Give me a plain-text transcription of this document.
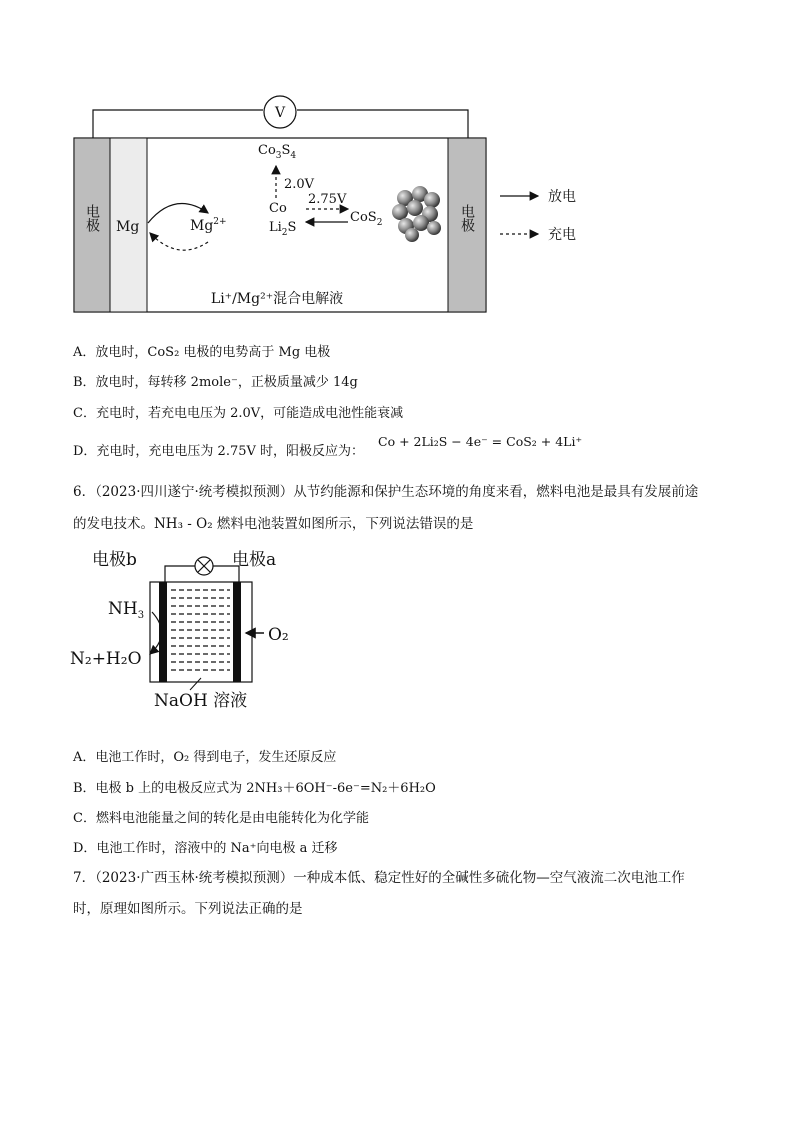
V
电极	电极
Mg	$Mg^{2+}$
$Co_3S_4$
2.0V
2.75V
Co
$Li_2S$
CoS$_2$
Li⁺/Mg²⁺混合电解液
放电
充电
A．放电时，CoS₂ 电极的电势高于 Mg 电极
B．放电时，每转移 2mole⁻，正极质量减少 14g
C．充电时，若充电电压为 2.0V，可能造成电池性能衰减
D．充电时，充电电压为 2.75V 时，阳极反应为：
Co + 2Li₂S − 4e⁻ = CoS₂ + 4Li⁺
6．（2023·四川遂宁·统考模拟预测）从节约能源和保护生态环境的角度来看，燃料电池是最具有发展前途
的发电技术。NH₃ - O₂ 燃料电池装置如图所示，下列说法错误的是
电极b	电极a
$NH_3$
N₂+H₂O
O₂
NaOH 溶液
A．电池工作时，O₂ 得到电子，发生还原反应
B．电极 b 上的电极反应式为 2NH₃＋6OH⁻-6e⁻=N₂＋6H₂O
C．燃料电池能量之间的转化是由电能转化为化学能
D．电池工作时，溶液中的 Na⁺向电极 a 迁移
7．（2023·广西玉林·统考模拟预测）一种成本低、稳定性好的全碱性多硫化物—空气液流二次电池工作
时，原理如图所示。下列说法正确的是
